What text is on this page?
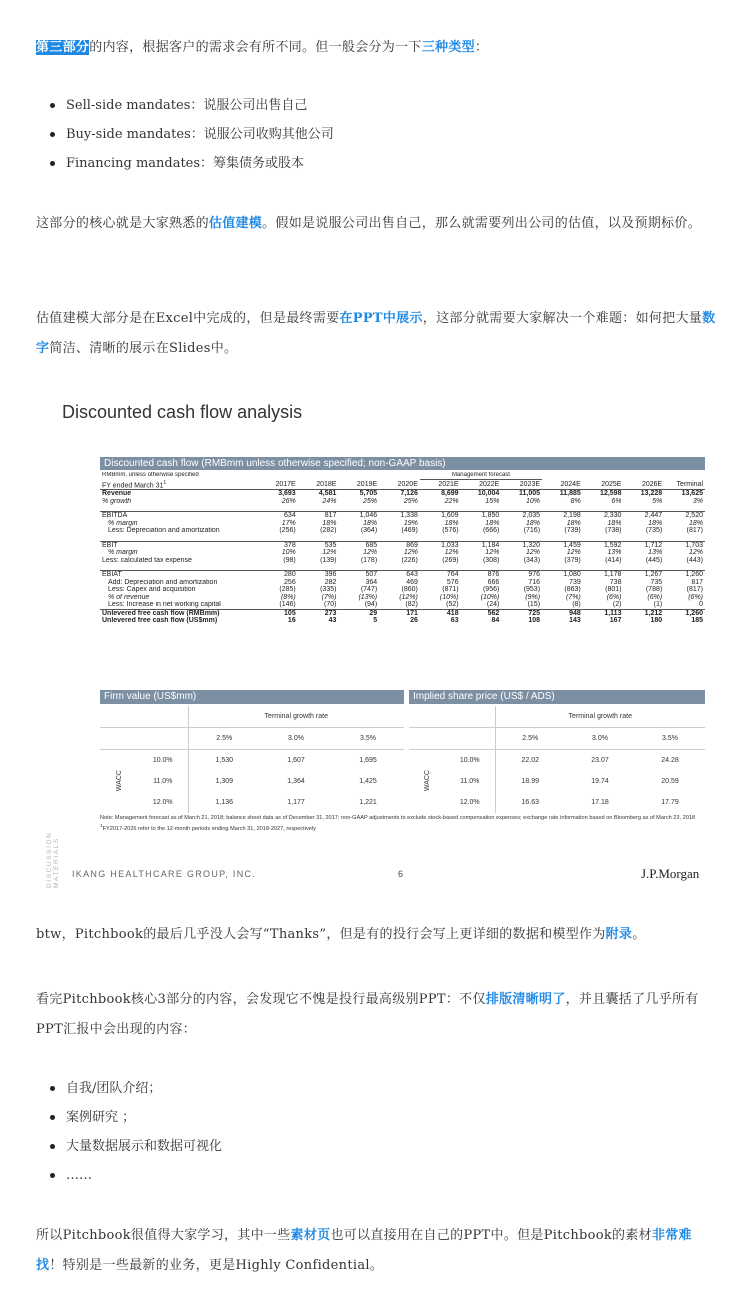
第三部分的内容，根据客户的需求会有所不同。但一般会分为一下三种类型：
Sell-side mandates：说服公司出售自己
Buy-side mandates：说服公司收购其他公司
Financing mandates：筹集债务或股本
这部分的核心就是大家熟悉的估值建模。假如是说服公司出售自己，那么就需要列出公司的估值，以及预期标价。
估值建模大部分是在Excel中完成的，但是最终需要在PPT中展示，这部分就需要大家解决一个难题：如何把大量数字简洁、清晰的展示在Slides中。
Discounted cash flow analysis
DISCUSSION MATERIALS
Discounted cash flow (RMBmm unless otherwise specified; non-GAAP basis)
RMBmm, unless otherwise specified					Management forecast						
FY ended March $31^1$	2017E	2018E	2019E	2020E	2021E	2022E	2023E	2024E	2025E	2026E	Terminal
Revenue	3,693	4,581	5,705	7,126	8,699	10,004	11,005	11,885	12,598	13,228	13,625
% growth	26%	24%	25%	25%	22%	15%	10%	8%	6%	5%	3%

EBITDA	634	817	1,046	1,338	1,609	1,850	2,035	2,198	2,330	2,447	2,520
% margin	17%	18%	18%	19%	18%	18%	18%	18%	18%	18%	18%
Less: Depreciation and amortization	(256)	(282)	(364)	(469)	(576)	(666)	(716)	(739)	(738)	(735)	(817)

EBIT	378	535	685	869	1,033	1,184	1,320	1,459	1,592	1,712	1,703
% margin	10%	12%	12%	12%	12%	12%	12%	12%	13%	13%	12%
Less: calculated tax expense	(98)	(139)	(178)	(226)	(269)	(308)	(343)	(379)	(414)	(445)	(443)

EBIAT	280	396	507	643	764	876	976	1,080	1,178	1,267	1,260
Add: Depreciation and amortization	256	282	364	469	576	666	716	739	738	735	817
Less: Capex and acquisition	(285)	(335)	(747)	(860)	(871)	(956)	(953)	(863)	(801)	(788)	(817)
% of revenue	(8%)	(7%)	(13%)	(12%)	(10%)	(10%)	(9%)	(7%)	(6%)	(6%)	(6%)
Less: Increase in net working capital	(146)	(70)	(94)	(82)	(52)	(24)	(15)	(8)	(2)	(1)	0
Unlevered free cash flow (RMBmm)	105	273	29	171	418	562	725	948	1,113	1,212	1,260
Unlevered free cash flow (US$mm)	16	43	5	26	63	84	108	143	167	180	185
Firm value (US$mm)
		Terminal growth rate		
		2.5%	3.0%	3.5%
WACC	10.0%	1,530	1,607	1,695
	11.0%	1,309	1,364	1,425
	12.0%	1,136	1,177	1,221
Implied share price (US$ / ADS)
		Terminal growth rate		
		2.5%	3.0%	3.5%
WACC	10.0%	22.02	23.07	24.28
	11.0%	18.99	19.74	20.59
	12.0%	16.63	17.18	17.79
Note: Management forecast as of March 21, 2018; balance sheet data as of December 31, 2017; non-GAAP adjustments to exclude stock-based compensation expenses; exchange rate information based on Bloomberg as of March 23, 2018
$^1$FY2017-2026 refer to the 12-month periods ending March 31, 2018-2027, respectively
IKANG HEALTHCARE GROUP, INC.	6	J.P.Morgan
btw，Pitchbook的最后几乎没人会写“Thanks”，但是有的投行会写上更详细的数据和模型作为附录。
看完Pitchbook核心3部分的内容，会发现它不愧是投行最高级别PPT：不仅排版清晰明了，并且囊括了几乎所有PPT汇报中会出现的内容：
自我/团队介绍；
案例研究 ；
大量数据展示和数据可视化
……
所以Pitchbook很值得大家学习，其中一些素材页也可以直接用在自己的PPT中。但是Pitchbook的素材非常难找！特别是一些最新的业务，更是Highly Confidential。
